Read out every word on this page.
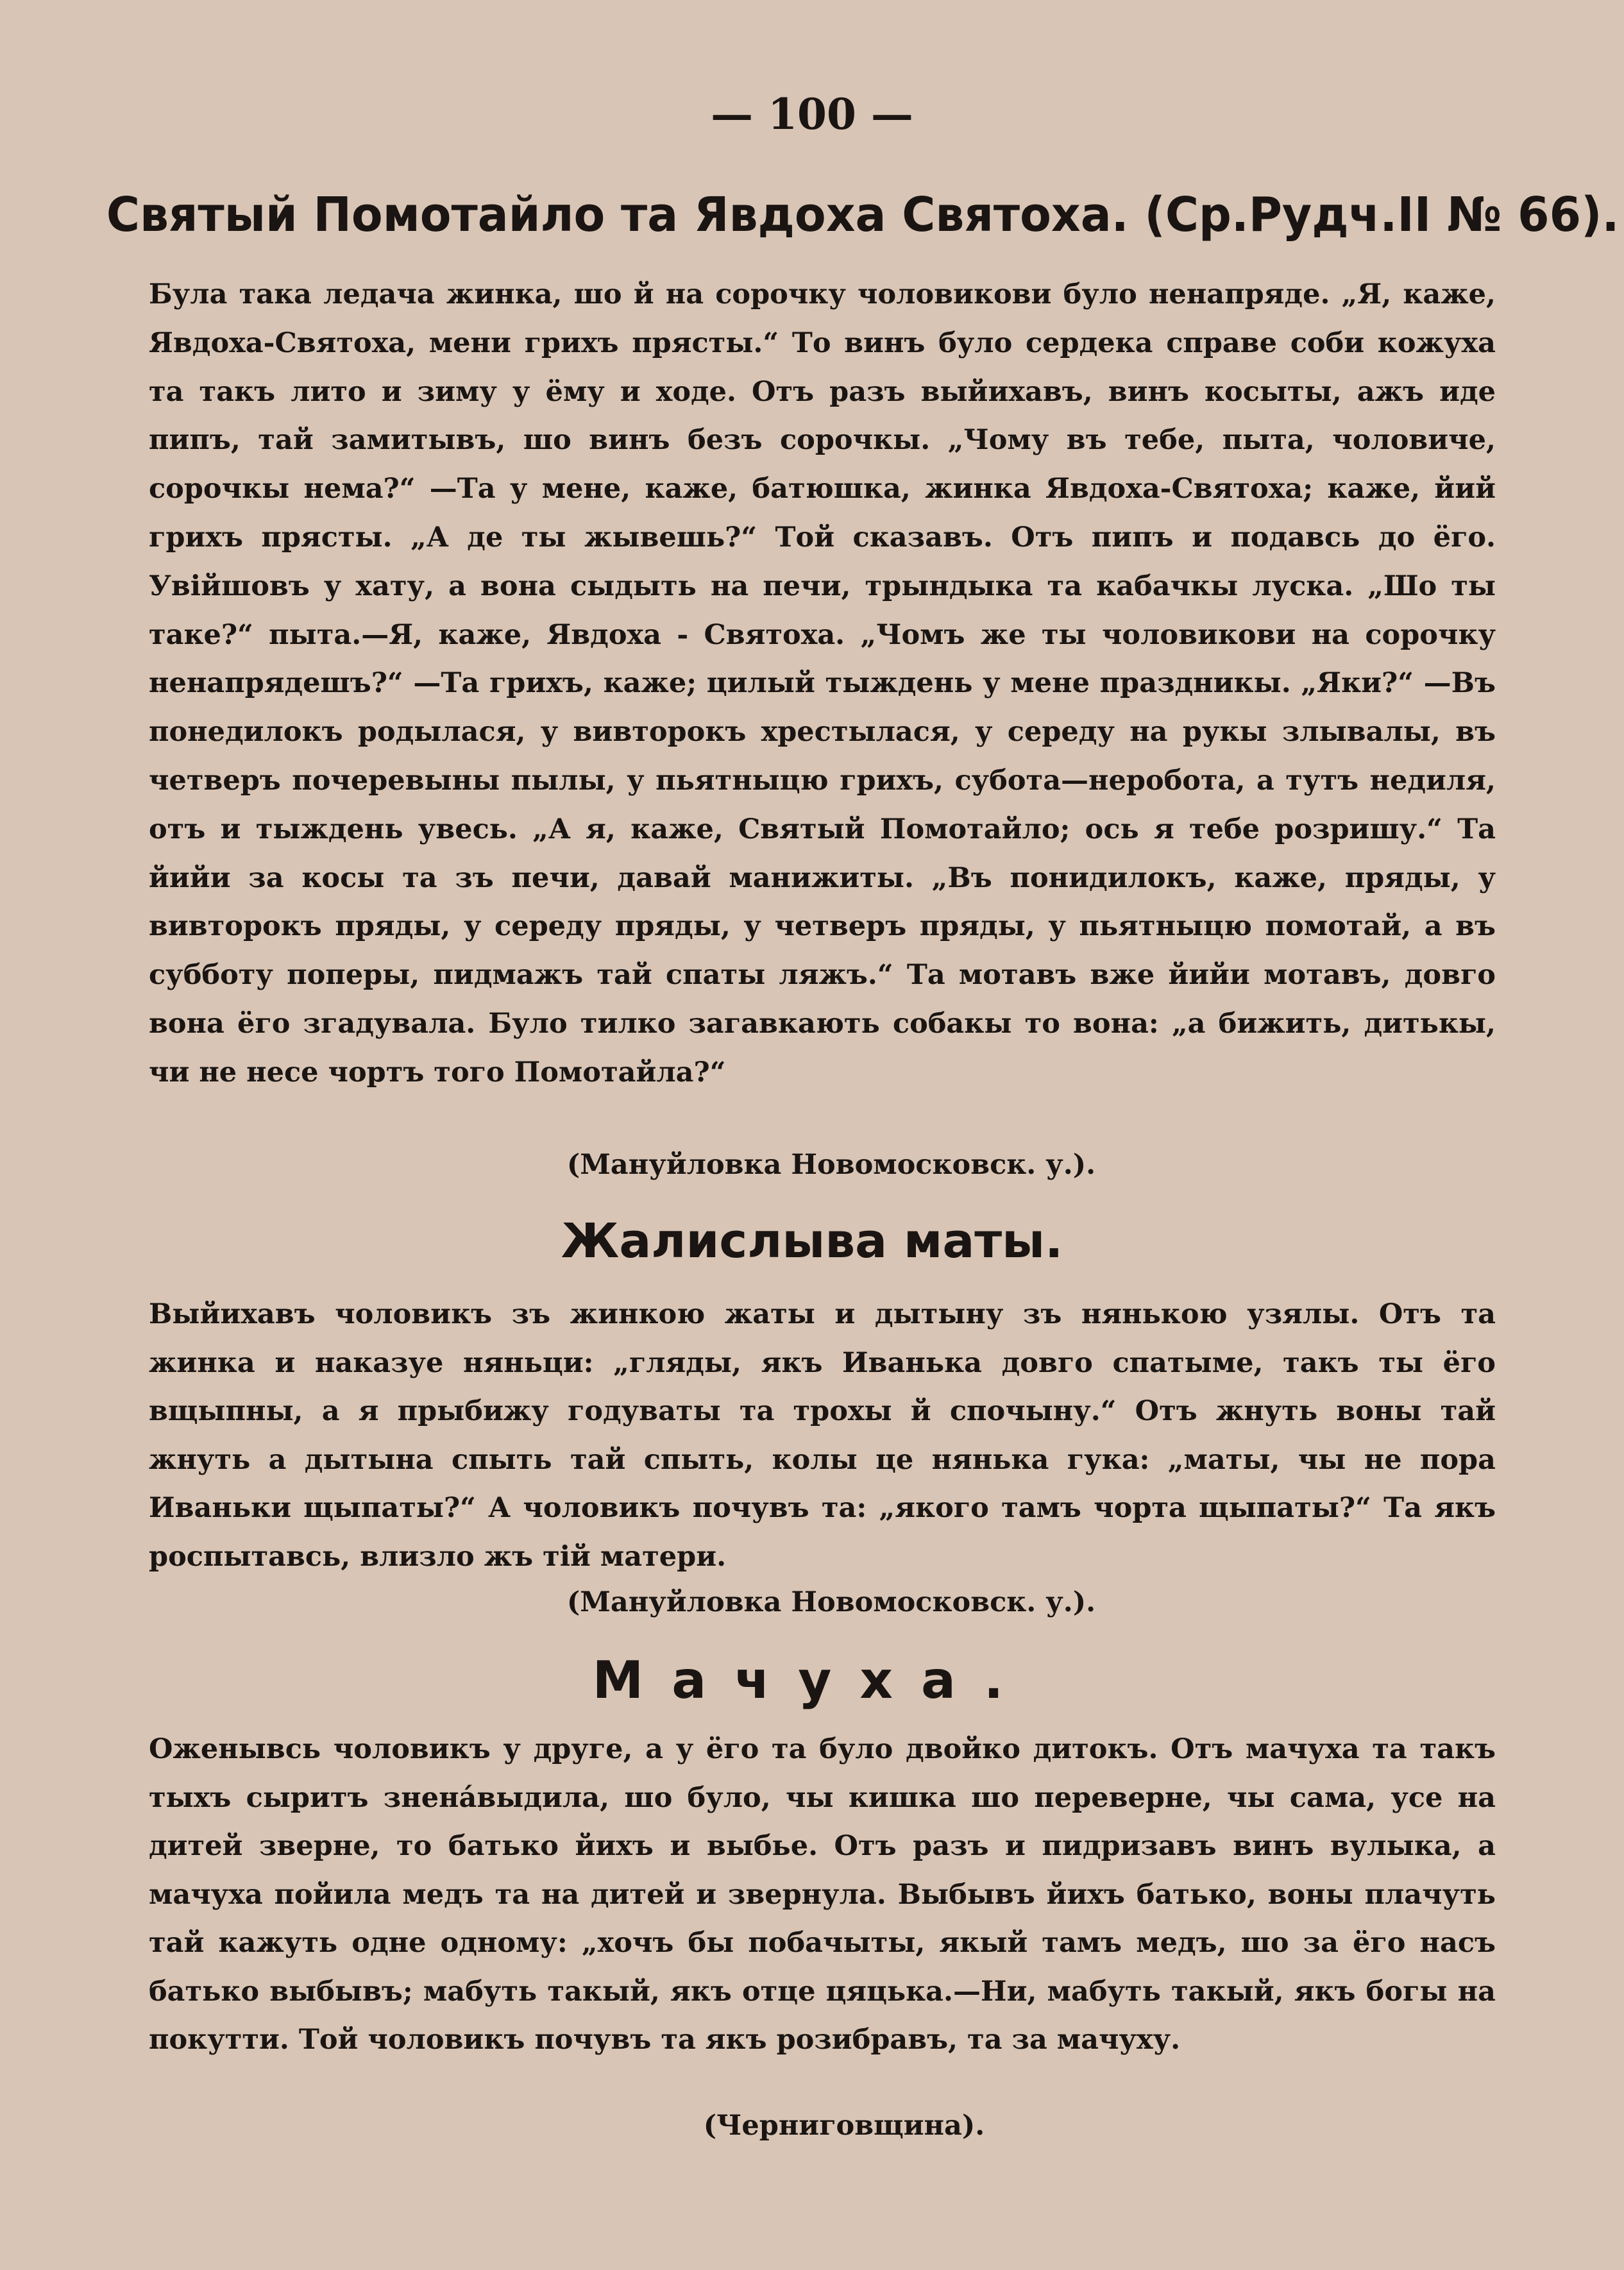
— 100 —
Святый Помотайло та Явдоха Святоха. (Ср.Рудч.II № 66).

Була така ледача жинка, шо й на сорочку чоловикови було ненапряде. „Я, каже, Явдоха-Святоха, мени грихъ прясты.“ То винъ було сердека справе соби кожуха та такъ лито и зиму у ёму и ходе. Отъ разъ выйихавъ, винъ косыты, ажъ иде пипъ, тай замитывъ, шо винъ безъ сорочкы. „Чому въ тебе, пыта, чоловиче, сорочкы нема?“ —Та у мене, каже, батюшка, жинка Явдоха-Святоха; каже, йий грихъ прясты. „А де ты жывешь?“ Той сказавъ. Отъ пипъ и подавсь до ёго. Увійшовъ у хату, а вона сыдыть на печи, трындыка та кабачкы луска. „Шо ты таке?“ пыта.—Я, каже, Явдоха - Святоха. „Чомъ же ты чоловикови на сорочку ненапрядешъ?“ —Та грихъ, каже; цилый тыждень у мене праздникы. „Яки?“ —Въ понедилокъ родылася, у вивторокъ хрестылася, у середу на рукы злывалы, въ четверъ почеревыны пылы, у пьятныцю грихъ, субота—неробота, а тутъ недиля, отъ и тыждень увесь. „А я, каже, Святый Помотайло; ось я тебе розришу.“ Та йийи за косы та зъ печи, давай манижиты. „Въ понидилокъ, каже, пряды, у вивторокъ пряды, у середу пряды, у четверъ пряды, у пьятныцю помотай, а въ субботу поперы, пидмажъ тай спаты ляжъ.“ Та мотавъ вже йийи мотавъ, довго вона ёго згадувала. Було тилко загавкають собакы то вона: „а бижить, дитькы, чи не несе чортъ того Помотайла?“

(Мануйловка Новомосковск. у.).
Жалислыва маты.

Выйихавъ чоловикъ зъ жинкою жаты и дытыну зъ нянькою узялы. Отъ та жинка и наказуе няньци: „гляды, якъ Иванька довго спатыме, такъ ты ёго вщыпны, а я прыбижу годуваты та трохы й спочыну.“ Отъ жнуть воны тай жнуть а дытына спыть тай спыть, колы це нянька гука: „маты, чы не пора Иваньки щыпаты?“ А чоловикъ почувъ та: „якого тамъ чорта щыпаты?“ Та якъ роспытавсь, влизло жъ тій матери.

(Мануйловка Новомосковск. у.).
Мачуха.

Оженывсь чоловикъ у друге, а у ёго та було двойко дитокъ. Отъ мачуха та такъ тыхъ сыритъ зненáвыдила, шо було, чы кишка шо переверне, чы сама, усе на дитей зверне, то батько йихъ и выбье. Отъ разъ и пидризавъ винъ вулыка, а мачуха пойила медъ та на дитей и звернула. Выбывъ йихъ батько, воны плачуть тай кажуть одне одному: „хочъ бы побачыты, якый тамъ медъ, шо за ёго насъ батько выбывъ; мабуть такый, якъ отце цяцька.—Ни, мабуть такый, якъ богы на покутти. Той чоловикъ почувъ та якъ розибравъ, та за мачуху.

(Черниговщина).
